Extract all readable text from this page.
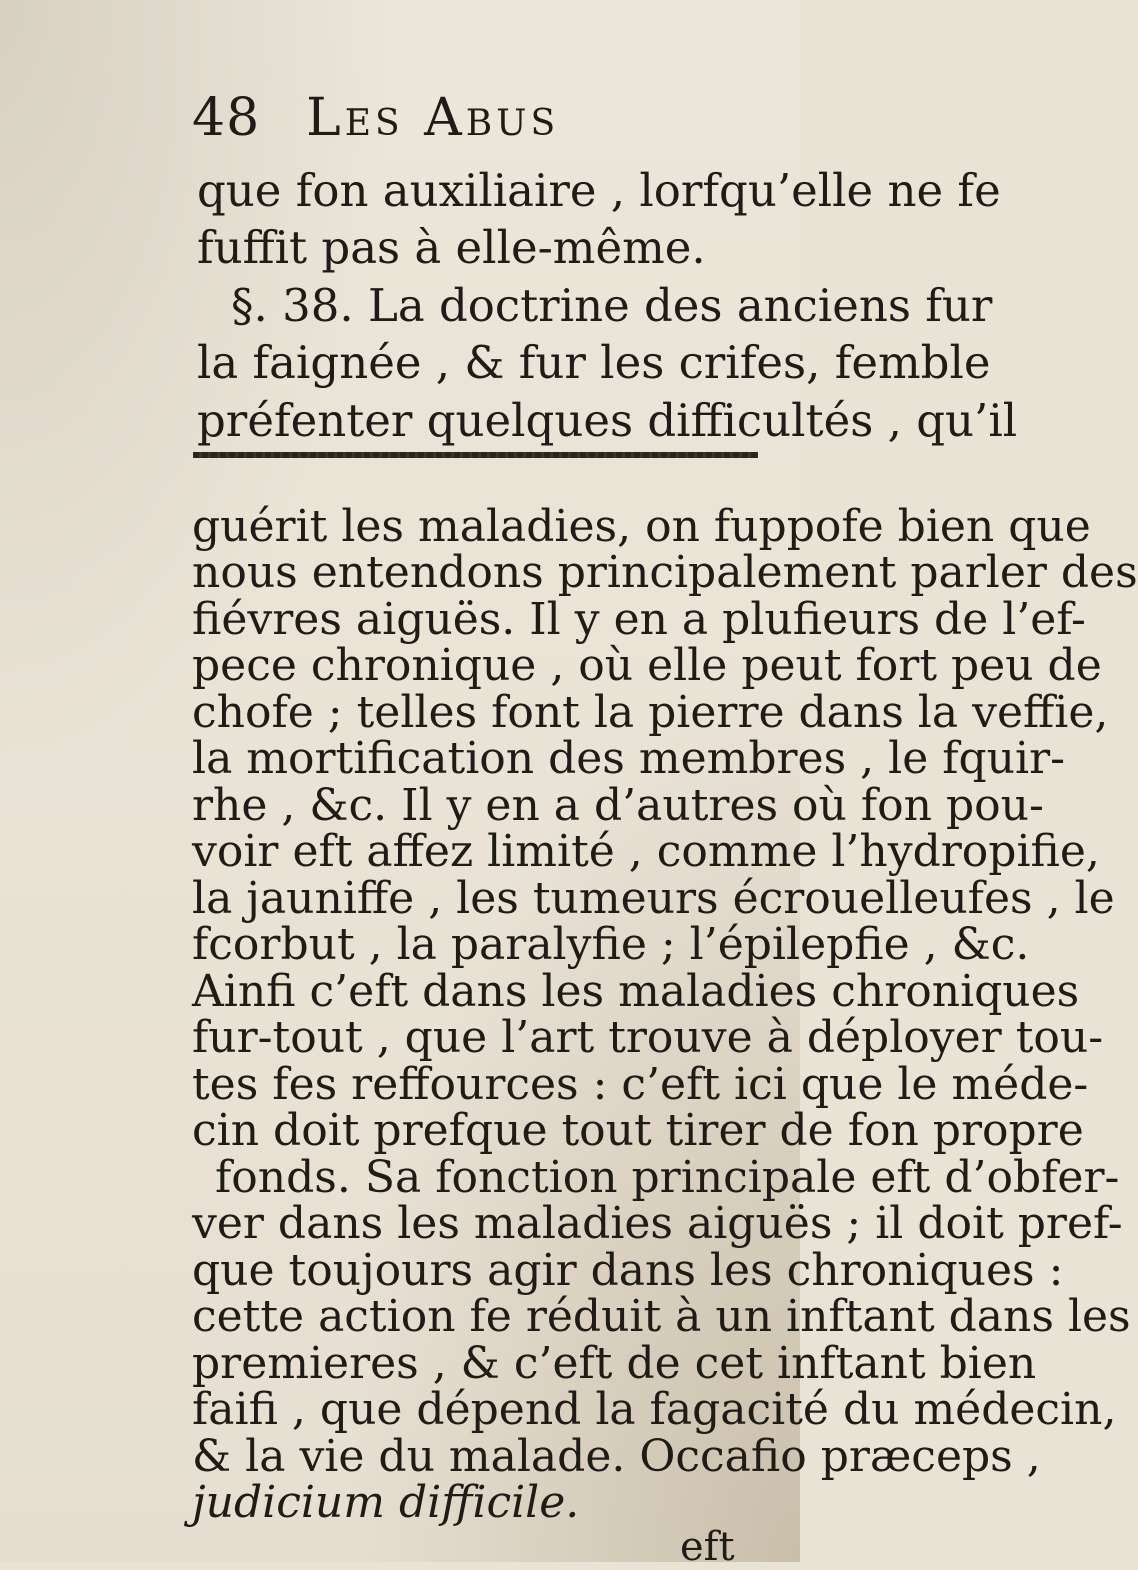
48 Les Abus
que fon auxiliaire , lorfqu’elle ne fe
fuffit pas à elle-même.
§. 38. La doctrine des anciens fur
la faignée , & fur les crifes, femble
préfenter quelques difficultés , qu’il
guérit les maladies, on fuppofe bien que
nous entendons principalement parler des
fiévres aiguës. Il y en a plufieurs de l’ef-
pece chronique , où elle peut fort peu de
chofe ; telles font la pierre dans la veffie,
la mortification des membres , le fquir-
rhe , &c. Il y en a d’autres où fon pou-
voir eft affez limité , comme l’hydropifie,
la jauniffe , les tumeurs écrouelleufes , le
fcorbut , la paralyfie ; l’épilepfie , &c.
Ainfi c’eft dans les maladies chroniques
fur-tout , que l’art trouve à déployer tou-
tes fes reffources : c’eft ici que le méde-
cin doit prefque tout tirer de fon propre
fonds. Sa fonction principale eft d’obfer-
ver dans les maladies aiguës ; il doit pref-
que toujours agir dans les chroniques :
cette action fe réduit à un inftant dans les
premieres , & c’eft de cet inftant bien
faifi , que dépend la fagacité du médecin,
& la vie du malade. Occafio præceps ,
judicium difficile.
eft
